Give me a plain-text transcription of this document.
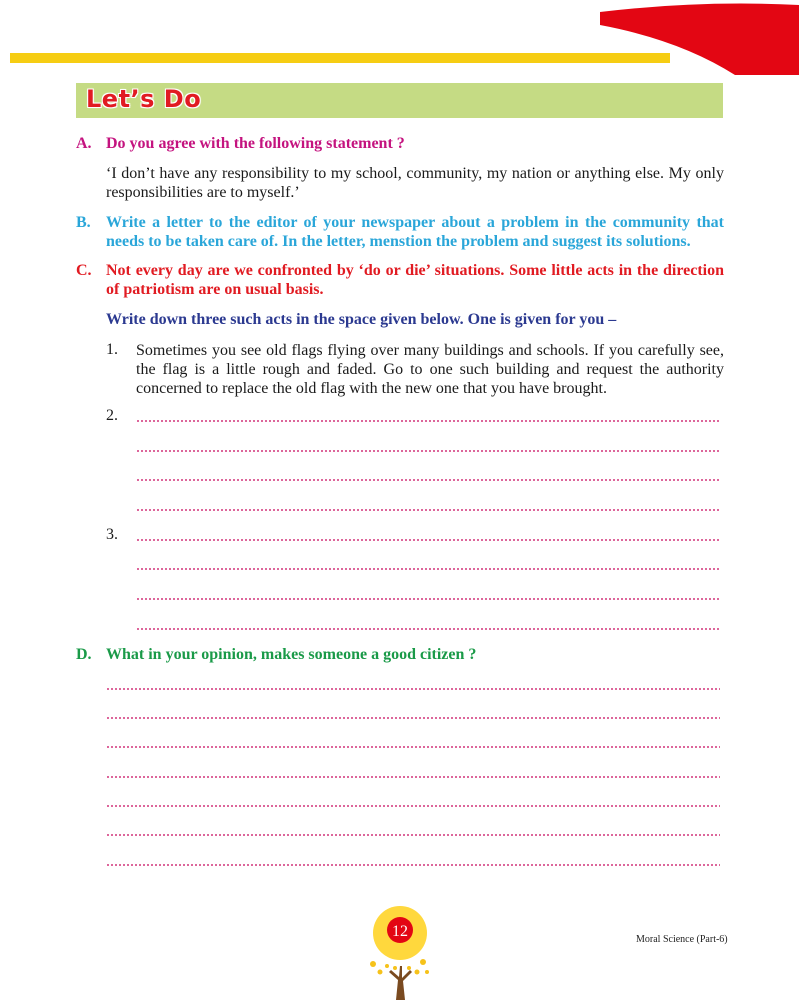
Let’s Do
A. Do you agree with the following statement ?
‘I don’t have any responsibility to my school, community, my nation or anything else. My only responsibilities are to myself.’
B. Write a letter to the editor of your newspaper about a problem in the community that needs to be taken care of. In the letter, menstion the problem and suggest its solutions.
C. Not every day are we confronted by ‘do or die’ situations. Some little acts in the direction of patriotism are on usual basis.
Write down three such acts in the space given below. One is given for you –
1. Sometimes you see old flags flying over many buildings and schools. If you carefully see, the flag is a little rough and faded. Go to one such building and request the authority concerned to replace the old flag with the new one that you have brought.
2.
3.
D. What in your opinion, makes someone a good citizen ?
12	Moral Science (Part-6)
